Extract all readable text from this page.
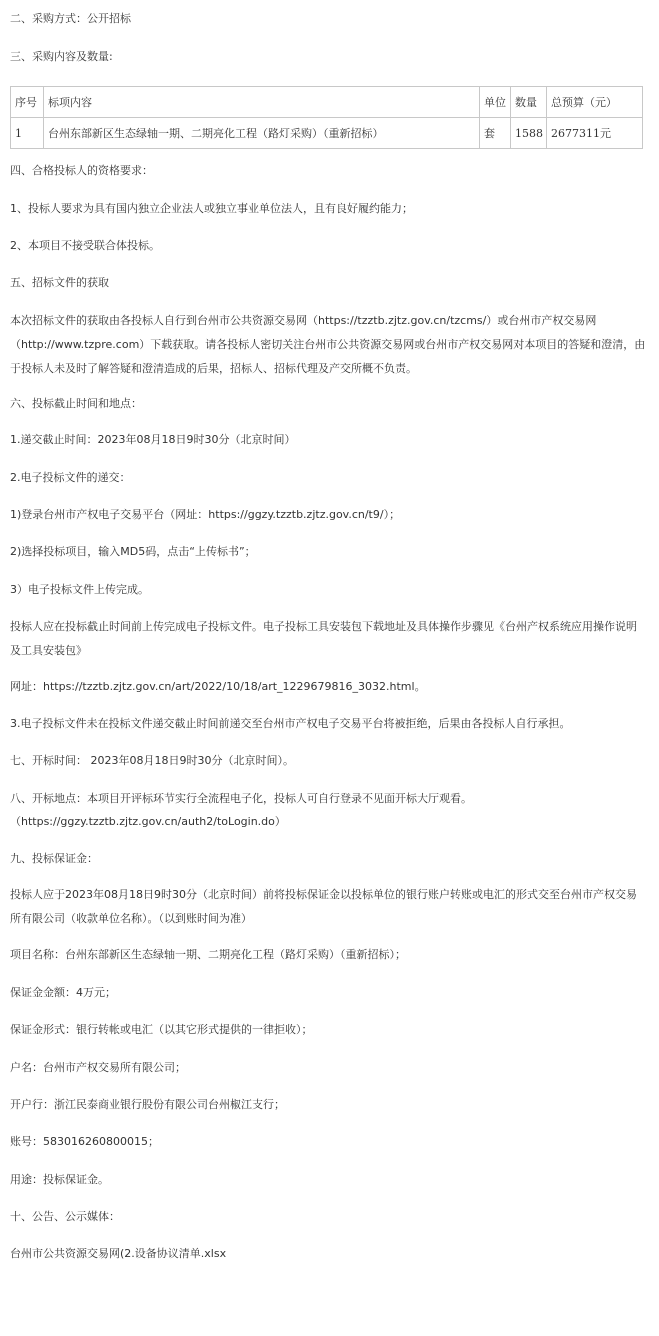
二、采购方式：公开招标
三、采购内容及数量:
序号	标项内容	单位	数量	总预算（元）
1	台州东部新区生态绿轴一期、二期亮化工程（路灯采购）（重新招标）	套	1588	2677311元
四、合格投标人的资格要求：
1、投标人要求为具有国内独立企业法人或独立事业单位法人，且有良好履约能力；
2、本项目不接受联合体投标。
五、招标文件的获取
本次招标文件的获取由各投标人自行到台州市公共资源交易网（https://tzztb.zjtz.gov.cn/tzcms/）或台州市产权交易网（http://www.tzpre.com）下载获取。请各投标人密切关注台州市公共资源交易网或台州市产权交易网对本项目的答疑和澄清，由于投标人未及时了解答疑和澄清造成的后果，招标人、招标代理及产交所概不负责。
六、投标截止时间和地点：
1.递交截止时间：2023年08月18日9时30分（北京时间）
2.电子投标文件的递交：
1)登录台州市产权电子交易平台（网址：https://ggzy.tzztb.zjtz.gov.cn/t9/）；
2)选择投标项目，输入MD5码，点击“上传标书”；
3）电子投标文件上传完成。
投标人应在投标截止时间前上传完成电子投标文件。电子投标工具安装包下载地址及具体操作步骤见《台州产权系统应用操作说明及工具安装包》
网址：https://tzztb.zjtz.gov.cn/art/2022/10/18/art_1229679816_3032.html。
3.电子投标文件未在投标文件递交截止时间前递交至台州市产权电子交易平台将被拒绝，后果由各投标人自行承担。
七、开标时间： 2023年08月18日9时30分（北京时间）。
八、开标地点：本项目开评标环节实行全流程电子化，投标人可自行登录不见面开标大厅观看。
（https://ggzy.tzztb.zjtz.gov.cn/auth2/toLogin.do）
九、投标保证金：
投标人应于2023年08月18日9时30分（北京时间）前将投标保证金以投标单位的银行账户转账或电汇的形式交至台州市产权交易所有限公司（收款单位名称）。（以到账时间为准）
项目名称：台州东部新区生态绿轴一期、二期亮化工程（路灯采购）（重新招标）；
保证金金额：4万元；
保证金形式：银行转帐或电汇（以其它形式提供的一律拒收）；
户名：台州市产权交易所有限公司；
开户行：浙江民泰商业银行股份有限公司台州椒江支行；
账号：583016260800015；
用途：投标保证金。
十、公告、公示媒体：
台州市公共资源交易网(2.设备协议清单.xlsx
